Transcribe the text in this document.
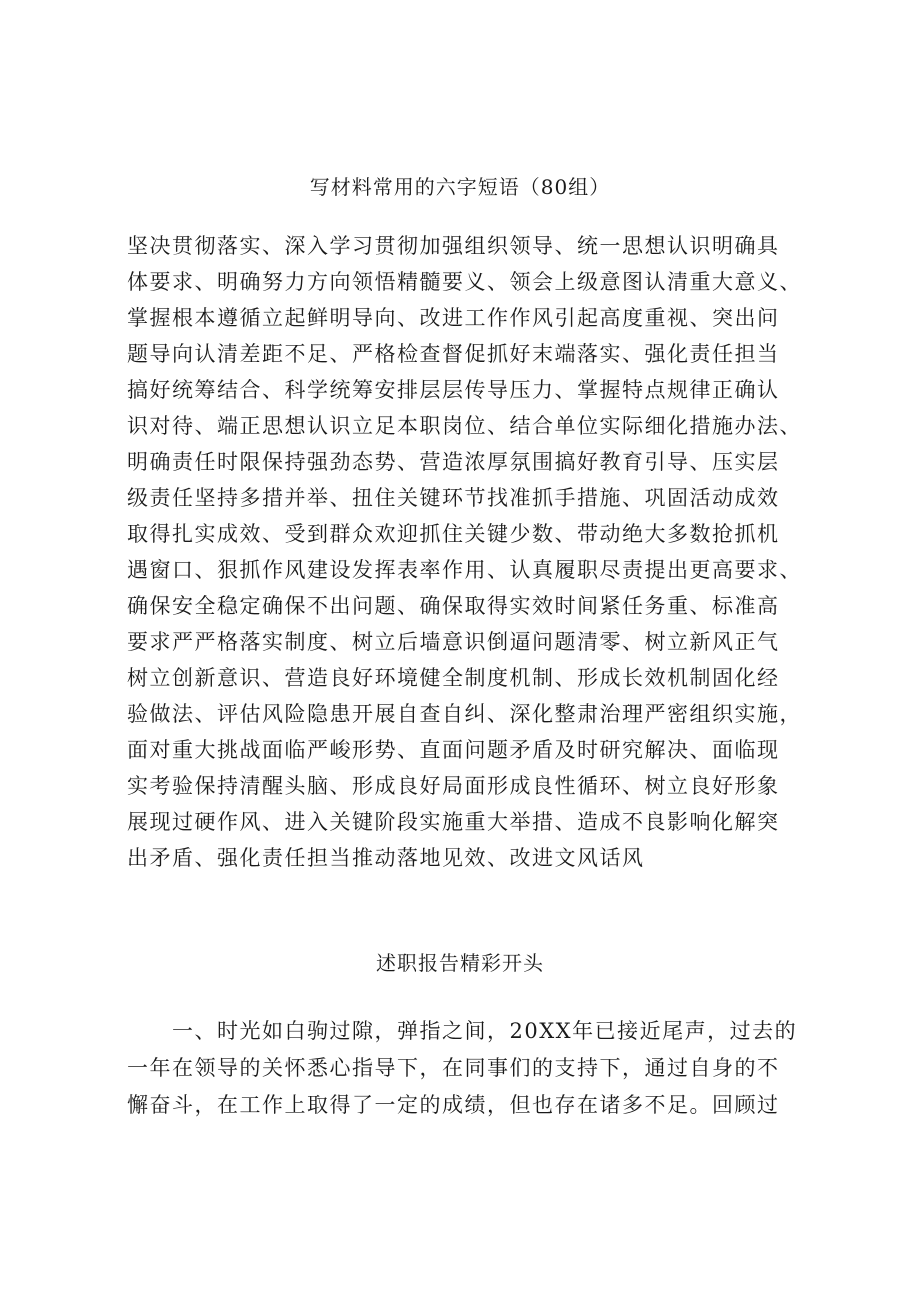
写材料常用的六字短语（80组）
坚决贯彻落实、深入学习贯彻加强组织领导、统一思想认识明确具
体要求、明确努力方向领悟精髓要义、领会上级意图认清重大意义、
掌握根本遵循立起鲜明导向、改进工作作风引起高度重视、突出问
题导向认清差距不足、严格检查督促抓好末端落实、强化责任担当
搞好统筹结合、科学统筹安排层层传导压力、掌握特点规律正确认
识对待、端正思想认识立足本职岗位、结合单位实际细化措施办法、
明确责任时限保持强劲态势、营造浓厚氛围搞好教育引导、压实层
级责任坚持多措并举、扭住关键环节找准抓手措施、巩固活动成效
取得扎实成效、受到群众欢迎抓住关键少数、带动绝大多数抢抓机
遇窗口、狠抓作风建设发挥表率作用、认真履职尽责提出更高要求、
确保安全稳定确保不出问题、确保取得实效时间紧任务重、标准高
要求严严格落实制度、树立后墙意识倒逼问题清零、树立新风正气
树立创新意识、营造良好环境健全制度机制、形成长效机制固化经
验做法、评估风险隐患开展自查自纠、深化整肃治理严密组织实施，
面对重大挑战面临严峻形势、直面问题矛盾及时研究解决、面临现
实考验保持清醒头脑、形成良好局面形成良性循环、树立良好形象
展现过硬作风、进入关键阶段实施重大举措、造成不良影响化解突
出矛盾、强化责任担当推动落地见效、改进文风话风
述职报告精彩开头
　　一、时光如白驹过隙，弹指之间，20XX年已接近尾声，过去的
一年在领导的关怀悉心指导下，在同事们的支持下，通过自身的不
懈奋斗，在工作上取得了一定的成绩，但也存在诸多不足。回顾过
